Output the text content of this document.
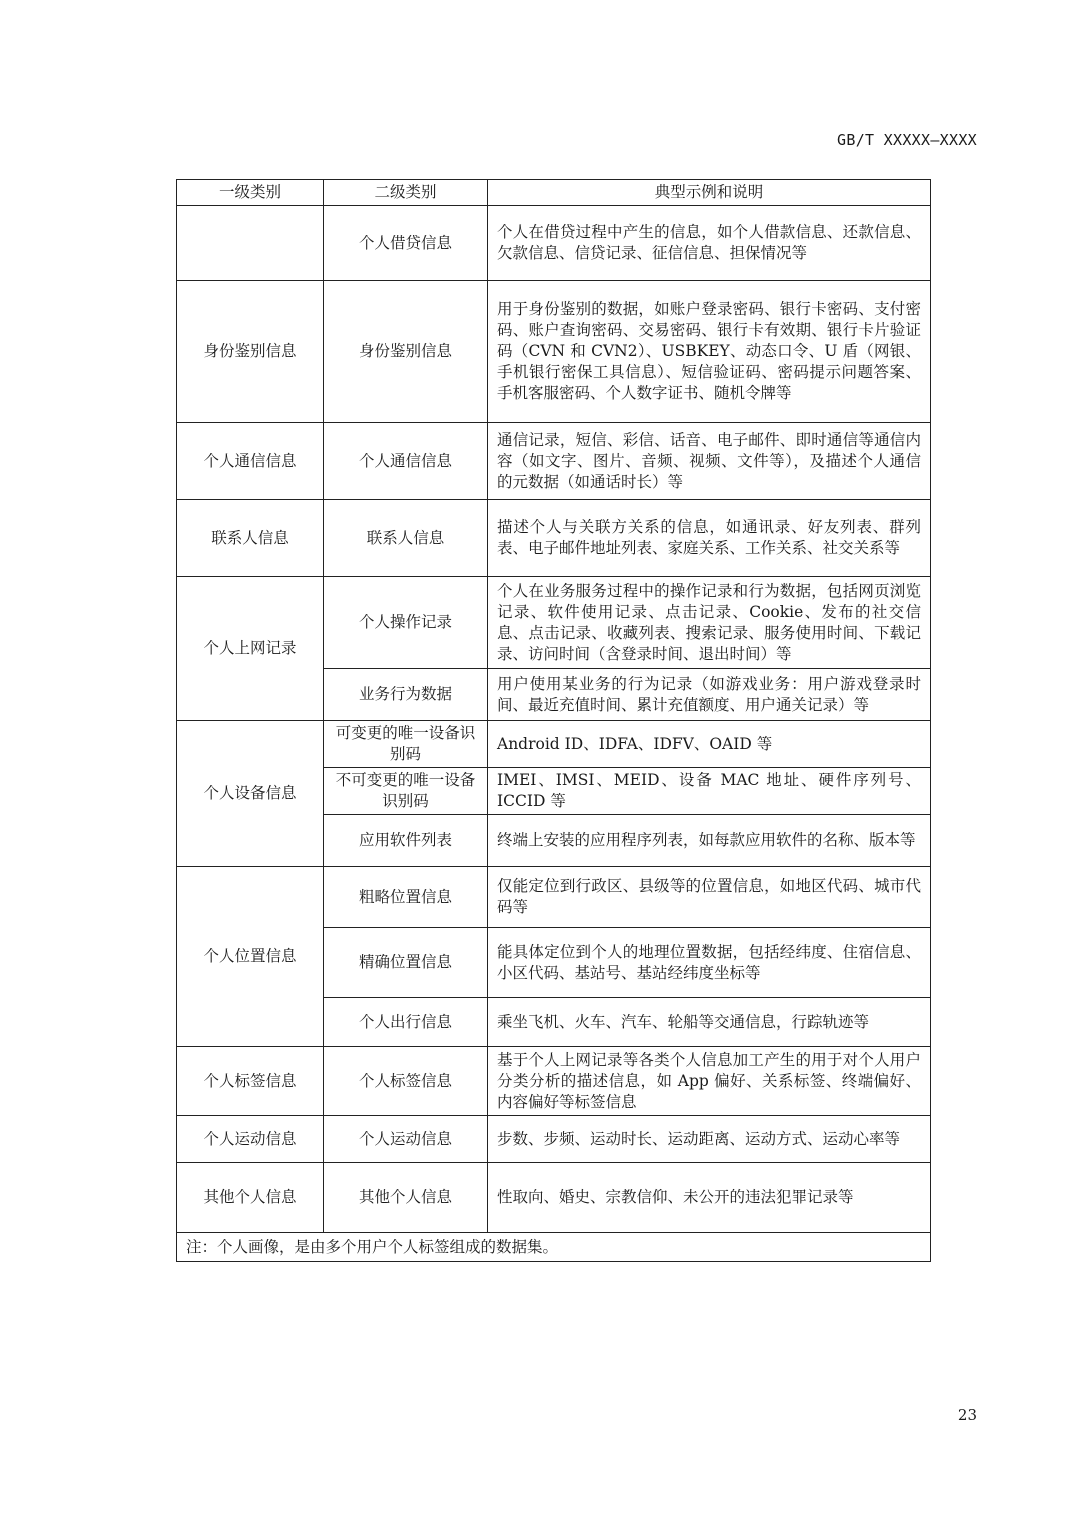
GB/T XXXXX—XXXX
一级类别	二级类别	典型示例和说明
	个人借贷信息	个人在借贷过程中产生的信息，如个人借款信息、还款信息、欠款信息、信贷记录、征信信息、担保情况等
身份鉴别信息	身份鉴别信息	用于身份鉴别的数据，如账户登录密码、银行卡密码、支付密码、账户查询密码、交易密码、银行卡有效期、银行卡片验证码（CVN 和 CVN2）、USBKEY、动态口令、U 盾（网银、手机银行密保工具信息）、短信验证码、密码提示问题答案、手机客服密码、个人数字证书、随机令牌等
个人通信信息	个人通信信息	通信记录，短信、彩信、话音、电子邮件、即时通信等通信内容（如文字、图片、音频、视频、文件等），及描述个人通信的元数据（如通话时长）等
联系人信息	联系人信息	描述个人与关联方关系的信息，如通讯录、好友列表、群列表、电子邮件地址列表、家庭关系、工作关系、社交关系等
个人上网记录	个人操作记录	个人在业务服务过程中的操作记录和行为数据，包括网页浏览记录、软件使用记录、点击记录、Cookie、发布的社交信息、点击记录、收藏列表、搜索记录、服务使用时间、下载记录、访问时间（含登录时间、退出时间）等
	业务行为数据	用户使用某业务的行为记录（如游戏业务：用户游戏登录时间、最近充值时间、累计充值额度、用户通关记录）等
个人设备信息	可变更的唯一设备识别码	Android ID、IDFA、IDFV、OAID 等
	不可变更的唯一设备识别码	IMEI、IMSI、MEID、设备 MAC 地址、硬件序列号、ICCID 等
	应用软件列表	终端上安装的应用程序列表，如每款应用软件的名称、版本等
个人位置信息	粗略位置信息	仅能定位到行政区、县级等的位置信息，如地区代码、城市代码等
	精确位置信息	能具体定位到个人的地理位置数据，包括经纬度、住宿信息、小区代码、基站号、基站经纬度坐标等
	个人出行信息	乘坐飞机、火车、汽车、轮船等交通信息，行踪轨迹等
个人标签信息	个人标签信息	基于个人上网记录等各类个人信息加工产生的用于对个人用户分类分析的描述信息，如 App 偏好、关系标签、终端偏好、内容偏好等标签信息
个人运动信息	个人运动信息	步数、步频、运动时长、运动距离、运动方式、运动心率等
其他个人信息	其他个人信息	性取向、婚史、宗教信仰、未公开的违法犯罪记录等
注：个人画像，是由多个用户个人标签组成的数据集。		
23
